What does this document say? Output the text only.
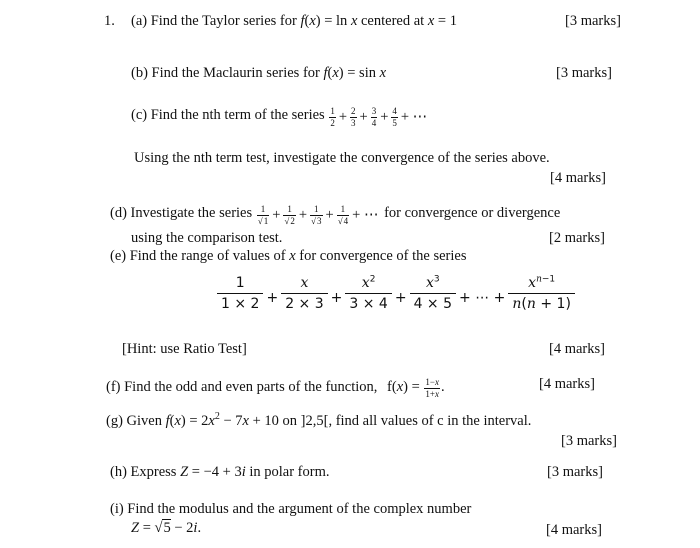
1. (a) Find the Taylor series for f(x) = ln x centered at x = 1	[3 marks]
(b) Find the Maclaurin series for f(x) = sin x	[3 marks]
(c) Find the nth term of the series $\frac{1}{2} + \frac{2}{3} + \frac{3}{4} + \frac{4}{5}$ + ⋯
Using the nth term test, investigate the convergence of the series above.
[4 marks]
(d) Investigate the series $\frac{1}{√1} + \frac{1}{√2} + \frac{1}{√3} + \frac{1}{√4}$ + ⋯ for convergence or divergence
using the comparison test.	[2 marks]
(e) Find the range of values of x for convergence of the series
$\frac{1}{1 \times 2} + \frac{x}{2 \times 3} + \frac{x^2}{3 \times 4} + \frac{x^3}{4 \times 5}$ + ⋯ + $\frac{x^{n-1}}{n(n + 1)}$
[Hint: use Ratio Test]	[4 marks]
(f) Find the odd and even parts of the function, $f(x) = \frac{1-x}{1+x}$ .	[4 marks]
(g) Given $f(x) = 2x^2 - 7x + 10$ on ]2,5[, find all values of c in the interval.
[3 marks]
(h) Express Z = −4 + 3i in polar form.	[3 marks]
(i) Find the modulus and the argument of the complex number
Z = √5 − 2i.	[4 marks]
